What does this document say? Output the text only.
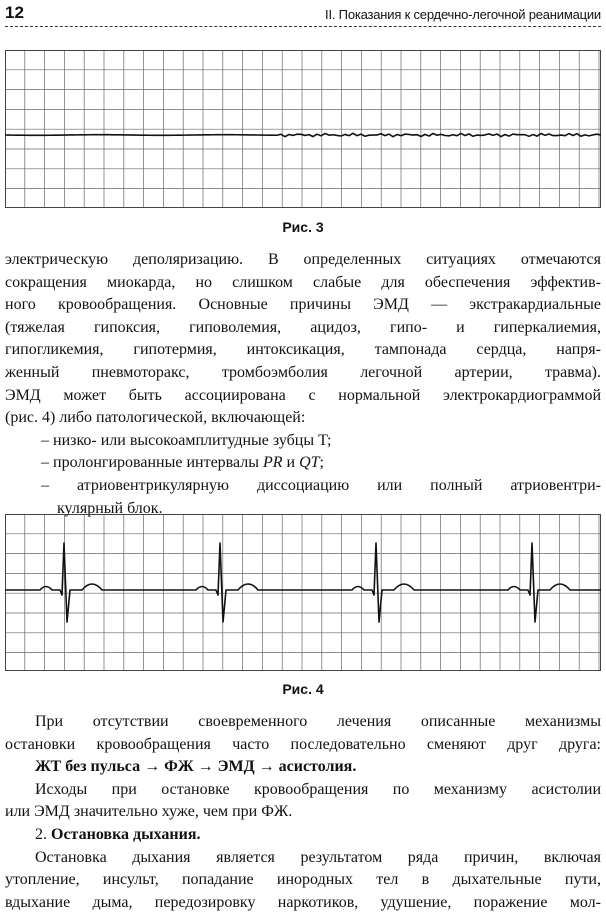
12	II. Показания к сердечно-легочной реанимации
Рис. 3
электрическую деполяризацию. В определенных ситуациях отмечаются
сокращения миокарда, но слишком слабые для обеспечения эффектив-
ного кровообращения. Основные причины ЭМД — экстракардиальные
(тяжелая гипоксия, гиповолемия, ацидоз, гипо- и гиперкалиемия,
гипогликемия, гипотермия, интоксикация, тампонада сердца, напря-
женный пневмоторакс, тромбоэмболия легочной артерии, травма).
ЭМД может быть ассоциирована с нормальной электрокардиограммой
(рис. 4) либо патологической, включающей:
– низко- или высокоамплитудные зубцы T;
– пролонгированные интервалы PR и QT;
– атриовентрикулярную диссоциацию или полный атриовентри-
кулярный блок.
Рис. 4
При отсутствии своевременного лечения описанные механизмы
остановки кровообращения часто последовательно сменяют друг друга:
ЖТ без пульса → ФЖ → ЭМД → асистолия.
Исходы при остановке кровообращения по механизму асистолии
или ЭМД значительно хуже, чем при ФЖ.
2. Остановка дыхания.
Остановка дыхания является результатом ряда причин, включая
утопление, инсульт, попадание инородных тел в дыхательные пути,
вдыхание дыма, передозировку наркотиков, удушение, поражение мол-
